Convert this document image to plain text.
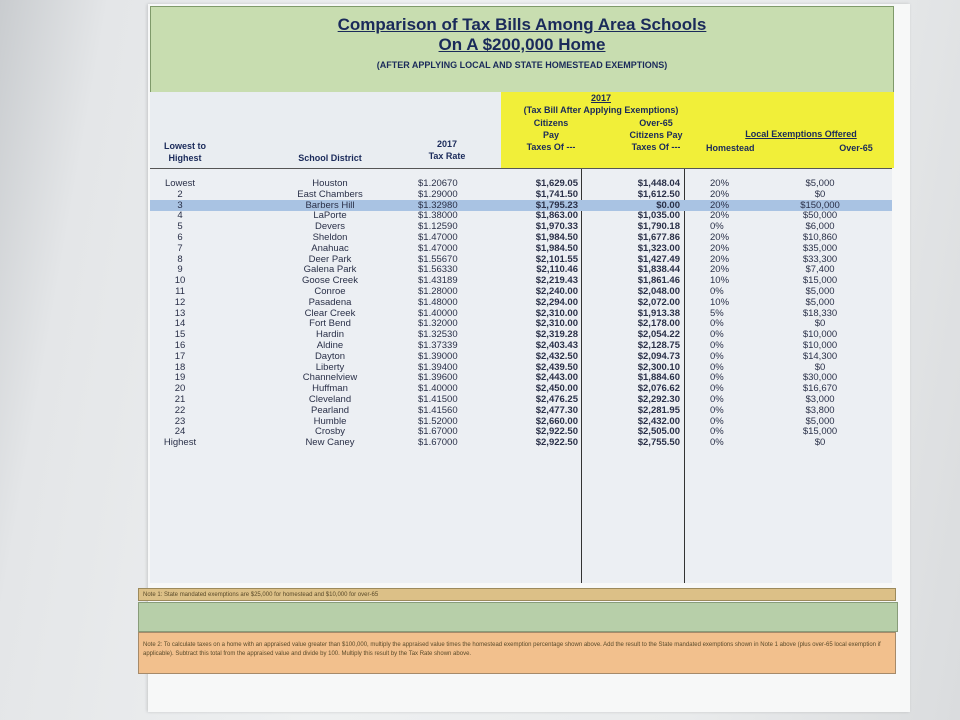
Comparison of Tax Bills Among Area Schools
On A $200,000 Home
(AFTER APPLYING LOCAL AND STATE HOMESTEAD EXEMPTIONS)
Lowest to
Highest	School District
2017
Tax Rate
2017
(Tax Bill After Applying Exemptions)
Citizens
Pay
Taxes Of ---
Over-65
Citizens Pay
Taxes Of ---
Local Exemptions Offered
Homestead	Over-65
Lowest	Houston	$1.20670	$1,629.05	$1,448.04	20%	$5,000
2	East Chambers	$1.29000	$1,741.50	$1,612.50	20%	$0
3	Barbers Hill	$1.32980	$1,795.23	$0.00	20%	$150,000
4	LaPorte	$1.38000	$1,863.00	$1,035.00	20%	$50,000
5	Devers	$1.12590	$1,970.33	$1,790.18	0%	$6,000
6	Sheldon	$1.47000	$1,984.50	$1,677.86	20%	$10,860
7	Anahuac	$1.47000	$1,984.50	$1,323.00	20%	$35,000
8	Deer Park	$1.55670	$2,101.55	$1,427.49	20%	$33,300
9	Galena Park	$1.56330	$2,110.46	$1,838.44	20%	$7,400
10	Goose Creek	$1.43189	$2,219.43	$1,861.46	10%	$15,000
11	Conroe	$1.28000	$2,240.00	$2,048.00	0%	$5,000
12	Pasadena	$1.48000	$2,294.00	$2,072.00	10%	$5,000
13	Clear Creek	$1.40000	$2,310.00	$1,913.38	5%	$18,330
14	Fort Bend	$1.32000	$2,310.00	$2,178.00	0%	$0
15	Hardin	$1.32530	$2,319.28	$2,054.22	0%	$10,000
16	Aldine	$1.37339	$2,403.43	$2,128.75	0%	$10,000
17	Dayton	$1.39000	$2,432.50	$2,094.73	0%	$14,300
18	Liberty	$1.39400	$2,439.50	$2,300.10	0%	$0
19	Channelview	$1.39600	$2,443.00	$1,884.60	0%	$30,000
20	Huffman	$1.40000	$2,450.00	$2,076.62	0%	$16,670
21	Cleveland	$1.41500	$2,476.25	$2,292.30	0%	$3,000
22	Pearland	$1.41560	$2,477.30	$2,281.95	0%	$3,800
23	Humble	$1.52000	$2,660.00	$2,432.00	0%	$5,000
24	Crosby	$1.67000	$2,922.50	$2,505.00	0%	$15,000
Highest	New Caney	$1.67000	$2,922.50	$2,755.50	0%	$0
Note 1: State mandated exemptions are $25,000 for homestead and $10,000 for over-65
Note 2: To calculate taxes on a home with an appraised value greater than $100,000, multiply the appraised value times the homestead exemption percentage shown above. Add the result to the State mandated exemptions shown in Note 1 above (plus over-65 local exemption if applicable). Subtract this total from the appraised value and divide by 100. Multiply this result by the Tax Rate shown above.
